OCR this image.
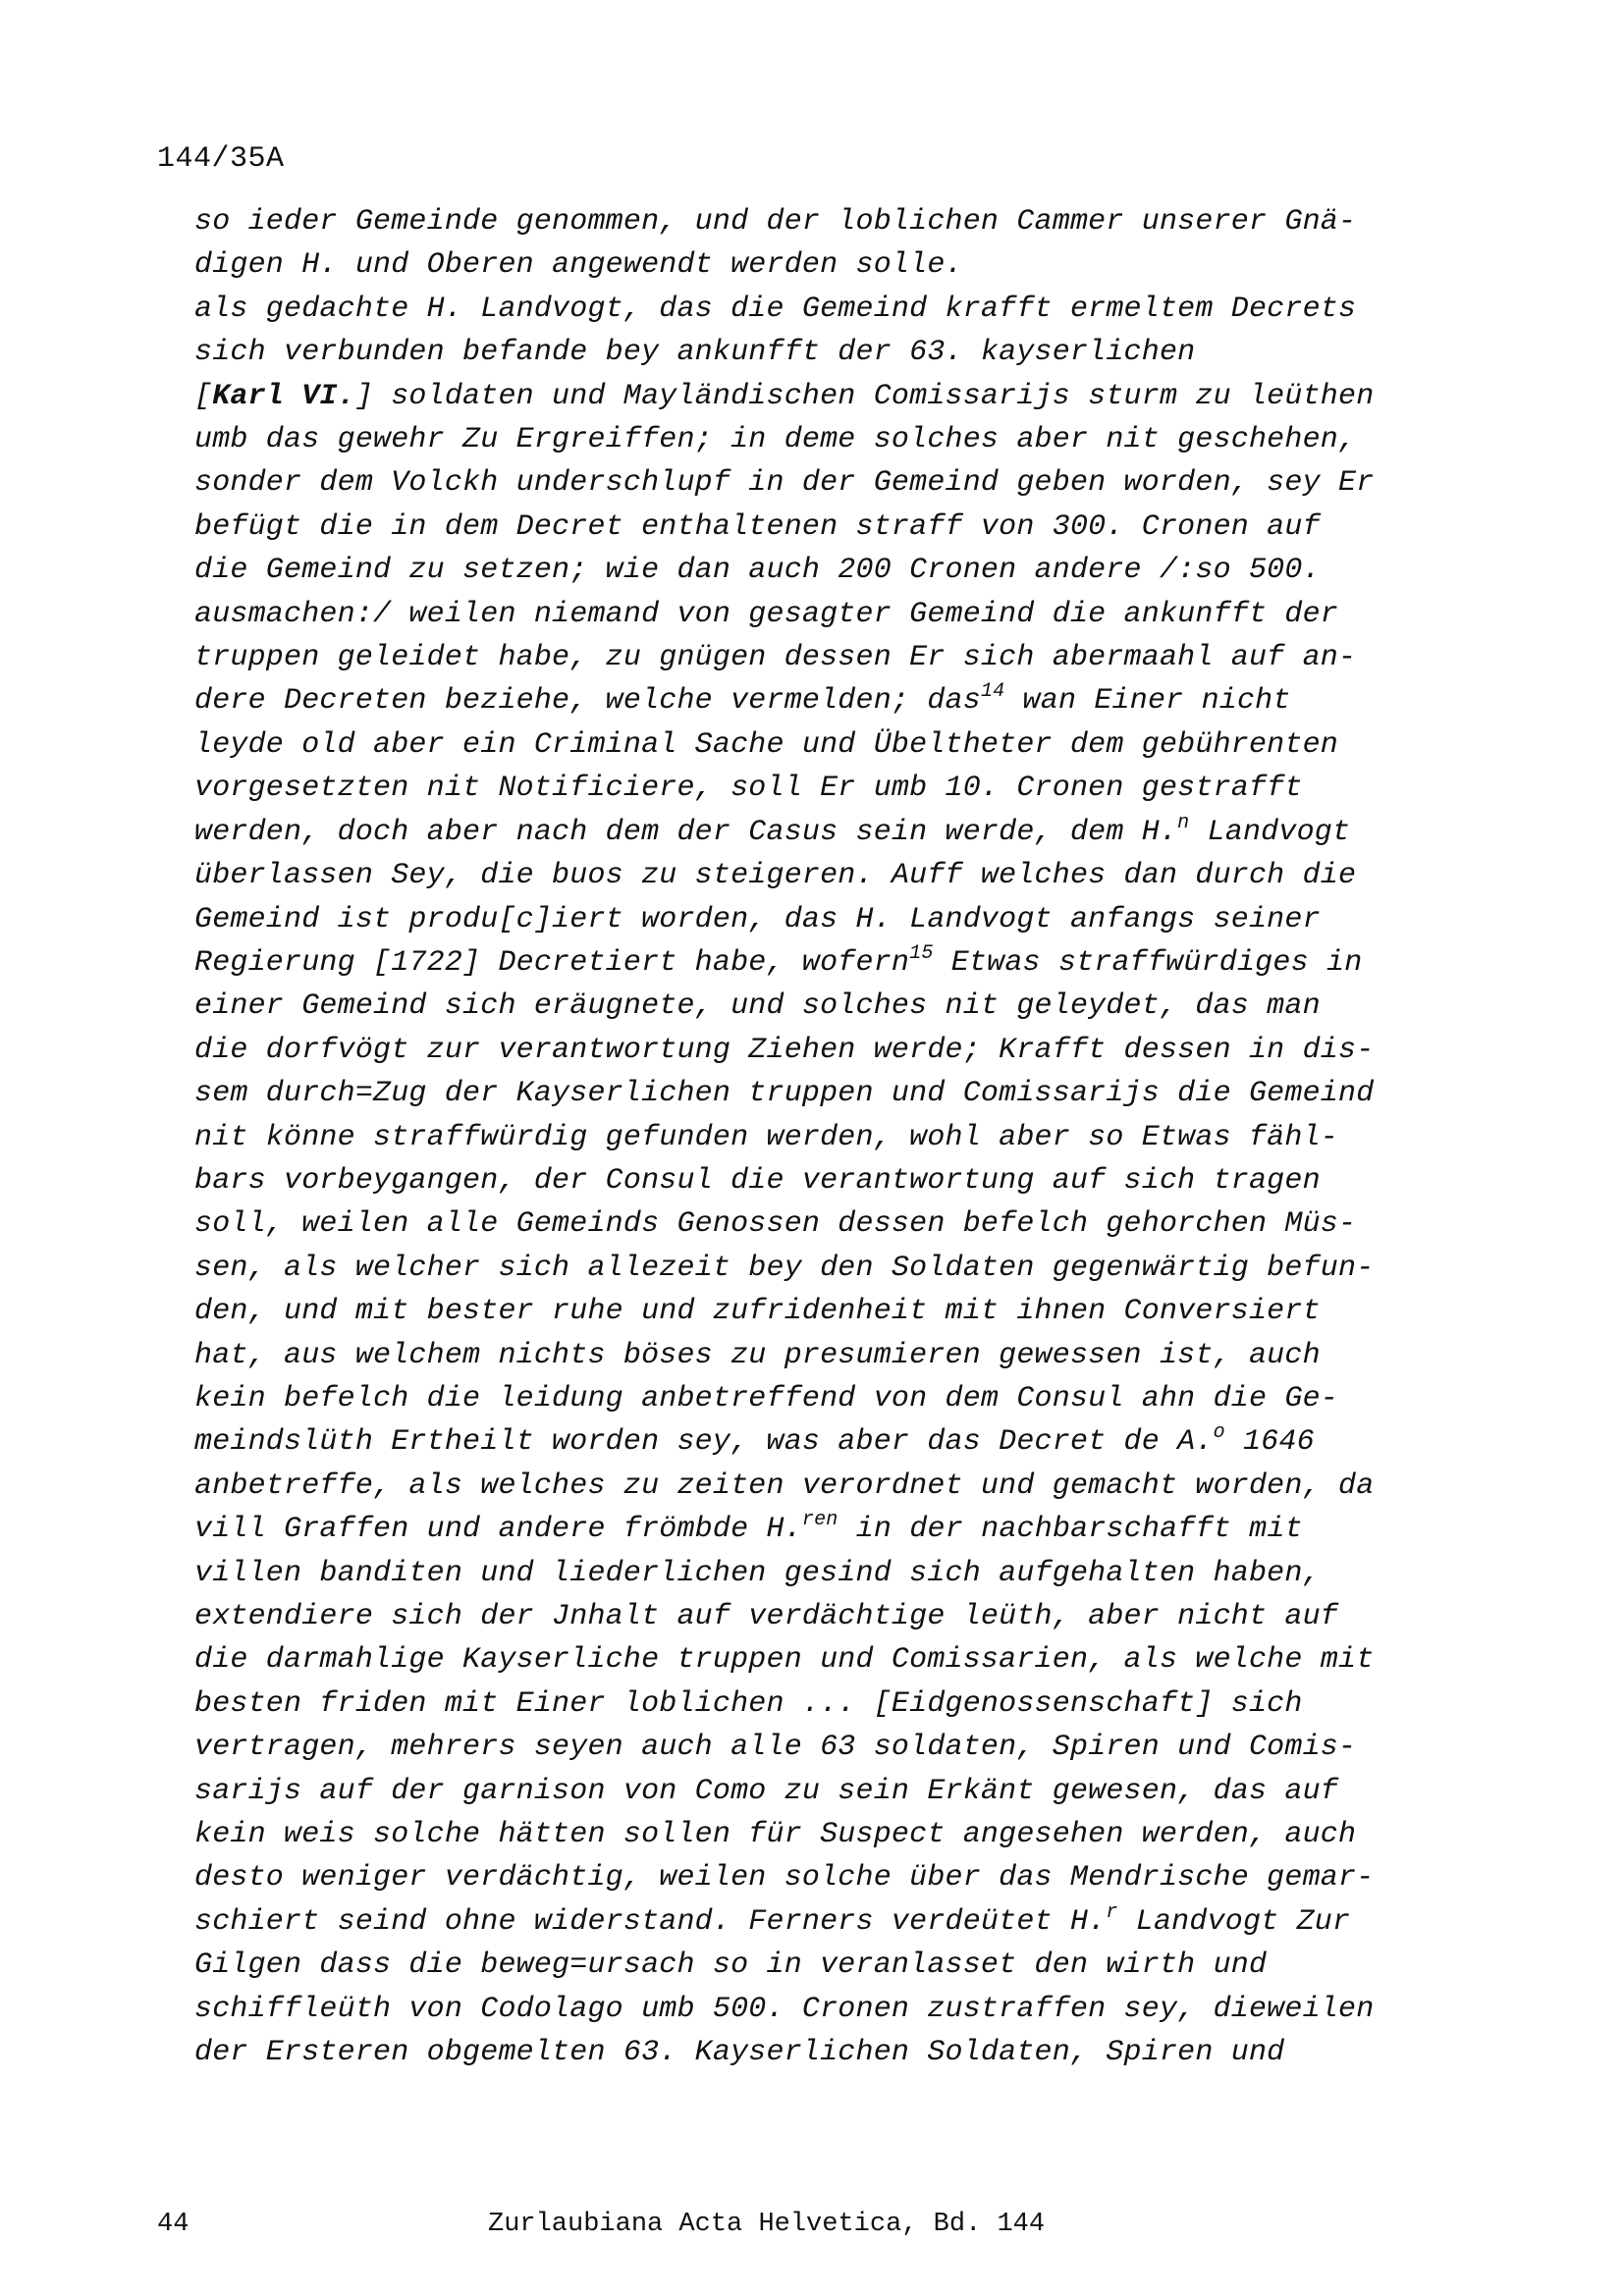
144/35A
so ieder Gemeinde genommen, und der loblichen Cammer unserer Gnä-
digen H. und Oberen angewendt werden solle.
als gedachte H. Landvogt, das die Gemeind krafft ermeltem Decrets
sich verbunden befande bey ankunfft der 63. kayserlichen
[Karl VI.] soldaten und Mayländischen Comissarijs sturm zu leüthen
umb das gewehr Zu Ergreiffen; in deme solches aber nit geschehen,
sonder dem Volckh underschlupf in der Gemeind geben worden, sey Er
befügt die in dem Decret enthaltenen straff von 300. Cronen auf
die Gemeind zu setzen; wie dan auch 200 Cronen andere /:so 500.
ausmachen:/ weilen niemand von gesagter Gemeind die ankunfft der
truppen geleidet habe, zu gnügen dessen Er sich abermaahl auf an-
dere Decreten beziehe, welche vermelden; das$^{14}$ wan Einer nicht
leyde old aber ein Criminal Sache und Übeltheter dem gebührenten
vorgesetzten nit Notificiere, soll Er umb 10. Cronen gestrafft
werden, doch aber nach dem der Casus sein werde, dem H.$^n$ Landvogt
überlassen Sey, die buos zu steigeren. Auff welches dan durch die
Gemeind ist produ[c]iert worden, das H. Landvogt anfangs seiner
Regierung [1722] Decretiert habe, wofern$^{15}$ Etwas straffwürdiges in
einer Gemeind sich eräugnete, und solches nit geleydet, das man
die dorfvögt zur verantwortung Ziehen werde; Krafft dessen in dis-
sem durch=Zug der Kayserlichen truppen und Comissarijs die Gemeind
nit könne straffwürdig gefunden werden, wohl aber so Etwas fähl-
bars vorbeygangen, der Consul die verantwortung auf sich tragen
soll, weilen alle Gemeinds Genossen dessen befelch gehorchen Müs-
sen, als welcher sich allezeit bey den Soldaten gegenwärtig befun-
den, und mit bester ruhe und zufridenheit mit ihnen Conversiert
hat, aus welchem nichts böses zu presumieren gewessen ist, auch
kein befelch die leidung anbetreffend von dem Consul ahn die Ge-
meindslüth Ertheilt worden sey, was aber das Decret de A.$^o$ 1646
anbetreffe, als welches zu zeiten verordnet und gemacht worden, da
vill Graffen und andere frömbde H.$^{ren}$ in der nachbarschafft mit
villen banditen und liederlichen gesind sich aufgehalten haben,
extendiere sich der Jnhalt auf verdächtige leüth, aber nicht auf
die darmahlige Kayserliche truppen und Comissarien, als welche mit
besten friden mit Einer loblichen ... [Eidgenossenschaft] sich
vertragen, mehrers seyen auch alle 63 soldaten, Spiren und Comis-
sarijs auf der garnison von Como zu sein Erkänt gewesen, das auf
kein weis solche hätten sollen für Suspect angesehen werden, auch
desto weniger verdächtig, weilen solche über das Mendrische gemar-
schiert seind ohne widerstand. Ferners verdeütet H.$^r$ Landvogt Zur
Gilgen dass die beweg=ursach so in veranlasset den wirth und
schiffleüth von Codolago umb 500. Cronen zustraffen sey, dieweilen
der Ersteren obgemelten 63. Kayserlichen Soldaten, Spiren und
44	Zurlaubiana Acta Helvetica, Bd. 144
